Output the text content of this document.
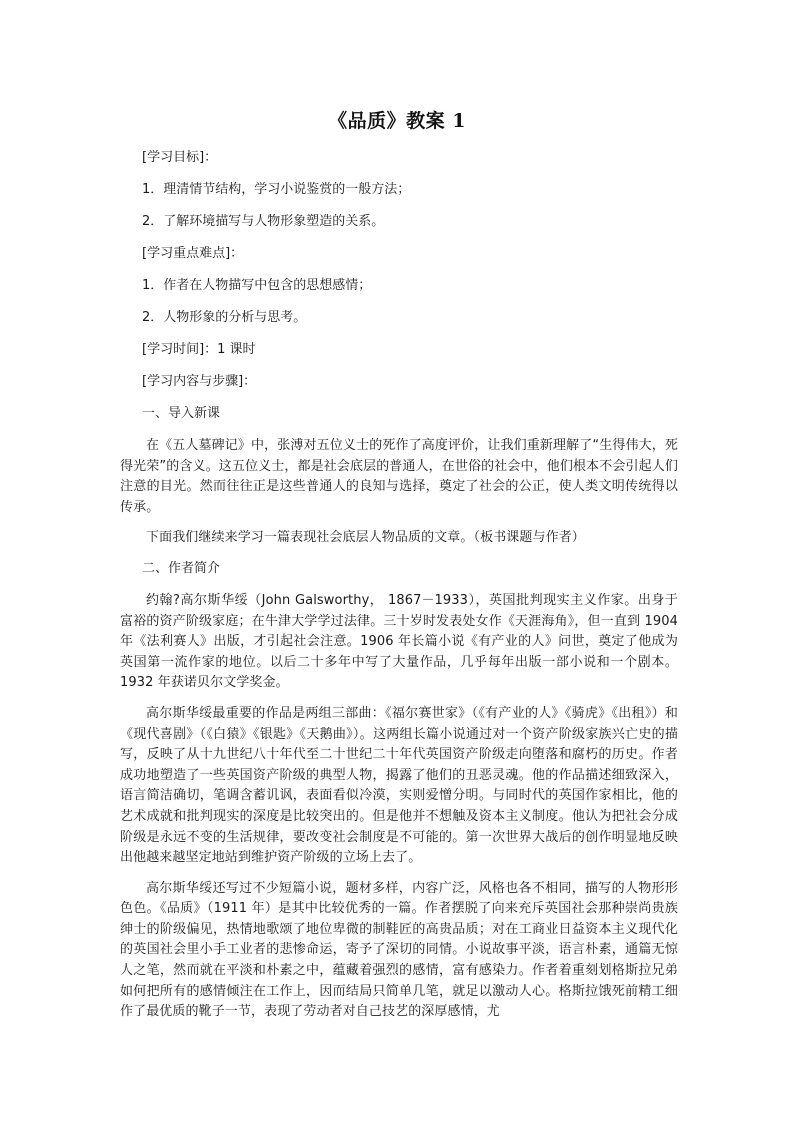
《品质》教案 1
[学习目标]：
1．理清情节结构，学习小说鉴赏的一般方法；
2．了解环境描写与人物形象塑造的关系。
[学习重点难点]：
1．作者在人物描写中包含的思想感情；
2．人物形象的分析与思考。
[学习时间]：1 课时
[学习内容与步骤]：
一、导入新课

在《五人墓碑记》中，张溥对五位义士的死作了高度评价，让我们重新理解了“生得伟大，死得光荣”的含义。这五位义士，都是社会底层的普通人，在世俗的社会中，他们根本不会引起人们注意的目光。然而往往正是这些普通人的良知与选择，奠定了社会的公正，使人类文明传统得以传承。

下面我们继续来学习一篇表现社会底层人物品质的文章。（板书课题与作者）

二、作者简介

约翰?高尔斯华绥（John Galsworthy， 1867－1933），英国批判现实主义作家。出身于富裕的资产阶级家庭；在牛津大学学过法律。三十岁时发表处女作《天涯海角》，但一直到 1904 年《法利赛人》出版，才引起社会注意。1906 年长篇小说《有产业的人》问世，奠定了他成为英国第一流作家的地位。以后二十多年中写了大量作品，几乎每年出版一部小说和一个剧本。1932 年获诺贝尔文学奖金。

高尔斯华绥最重要的作品是两组三部曲：《福尔赛世家》（《有产业的人》《骑虎》《出租》）和《现代喜剧》（《白猿》《银匙》《天鹅曲》）。这两组长篇小说通过对一个资产阶级家族兴亡史的描写，反映了从十九世纪八十年代至二十世纪二十年代英国资产阶级走向堕落和腐朽的历史。作者成功地塑造了一些英国资产阶级的典型人物，揭露了他们的丑恶灵魂。他的作品描述细致深入，语言简洁确切，笔调含蓄讥讽，表面看似冷漠，实则爱憎分明。与同时代的英国作家相比，他的艺术成就和批判现实的深度是比较突出的。但是他并不想触及资本主义制度。他认为把社会分成阶级是永远不变的生活规律，要改变社会制度是不可能的。第一次世界大战后的创作明显地反映出他越来越坚定地站到维护资产阶级的立场上去了。

高尔斯华绥还写过不少短篇小说，题材多样，内容广泛，风格也各不相同，描写的人物形形色色。《品质》（1911 年）是其中比较优秀的一篇。作者摆脱了向来充斥英国社会那种崇尚贵族绅士的阶级偏见，热情地歌颂了地位卑微的制鞋匠的高贵品质；对在工商业日益资本主义现代化的英国社会里小手工业者的悲惨命运，寄予了深切的同情。小说故事平淡，语言朴素，通篇无惊人之笔，然而就在平淡和朴素之中，蕴藏着强烈的感情，富有感染力。作者着重刻划格斯拉兄弟如何把所有的感情倾注在工作上，因而结局只简单几笔，就足以激动人心。格斯拉饿死前精工细作了最优质的靴子一节，表现了劳动者对自己技艺的深厚感情，尤
